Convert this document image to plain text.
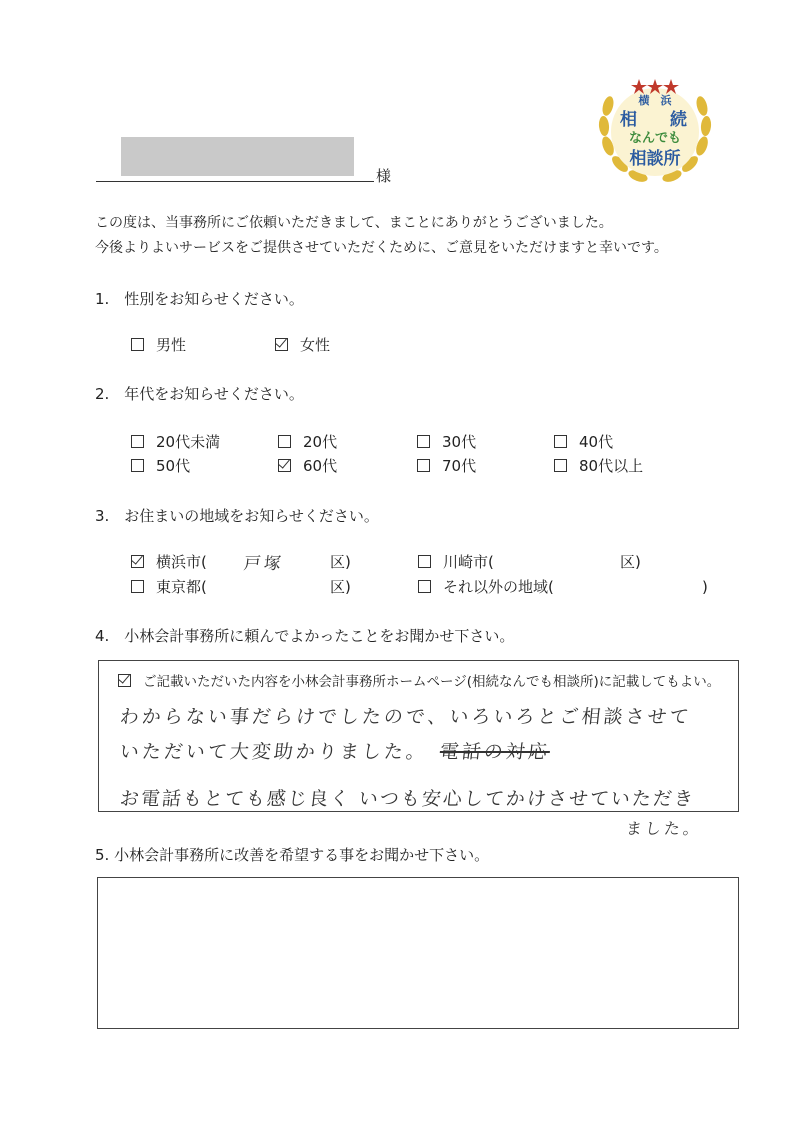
横　浜
相 続
なんでも
相談所
様
この度は、当事務所にご依頼いただきまして、まことにありがとうございました。
今後よりよいサービスをご提供させていただくために、ご意見をいただけますと幸いです。
1.　性別をお知らせください。
男性	女性
2.　年代をお知らせください。
20代未満	20代	30代	40代
50代	60代	70代	80代以上
3.　お住まいの地域をお知らせください。
横浜市( 戸塚	区)	川崎市(	区)
東京都(	区)	それ以外の地域(	)
4.　小林会計事務所に頼んでよかったことをお聞かせ下さい。
ご記載いただいた内容を小林会計事務所ホームページ(相続なんでも相談所)に記載してもよい。
わからない事だらけでしたので、いろいろとご相談させて
いただいて大変助かりました。 電話の対応
お電話もとても感じ良く いつも安心してかけさせていただき
ました。
5. 小林会計事務所に改善を希望する事をお聞かせ下さい。
